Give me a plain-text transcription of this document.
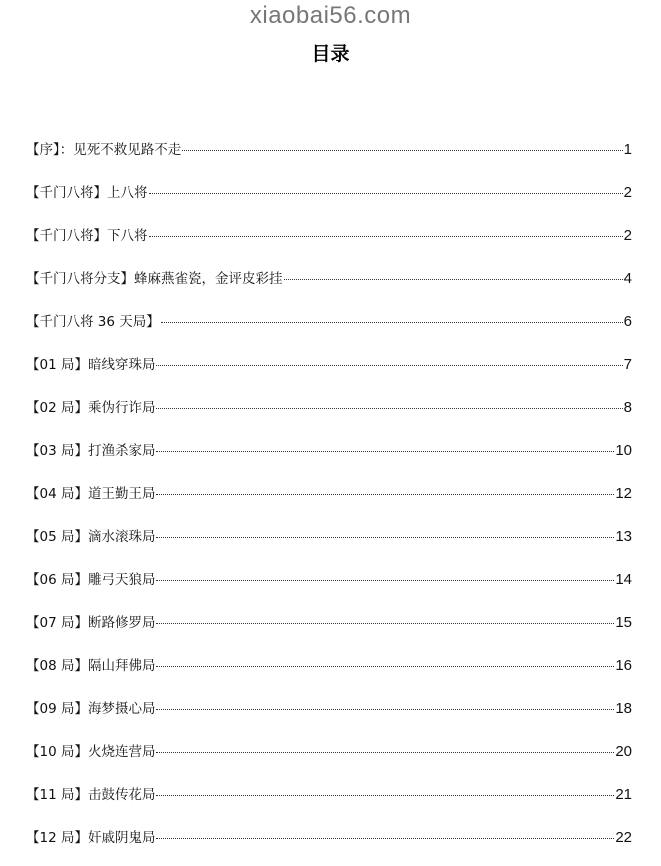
xiaobai56.com
目录
【序】：见死不救见路不走	1
【千门八将】上八将	2
【千门八将】下八将	2
【千门八将分支】蜂麻燕雀瓷，金评皮彩挂	4
【千门八将 36 天局】	6
【01 局】暗线穿珠局	7
【02 局】乘伪行诈局	8
【03 局】打渔杀家局	10
【04 局】道王勤王局	12
【05 局】滴水滚珠局	13
【06 局】雕弓天狼局	14
【07 局】断路修罗局	15
【08 局】隔山拜佛局	16
【09 局】海梦摄心局	18
【10 局】火烧连营局	20
【11 局】击鼓传花局	21
【12 局】奸戚阴鬼局	22
